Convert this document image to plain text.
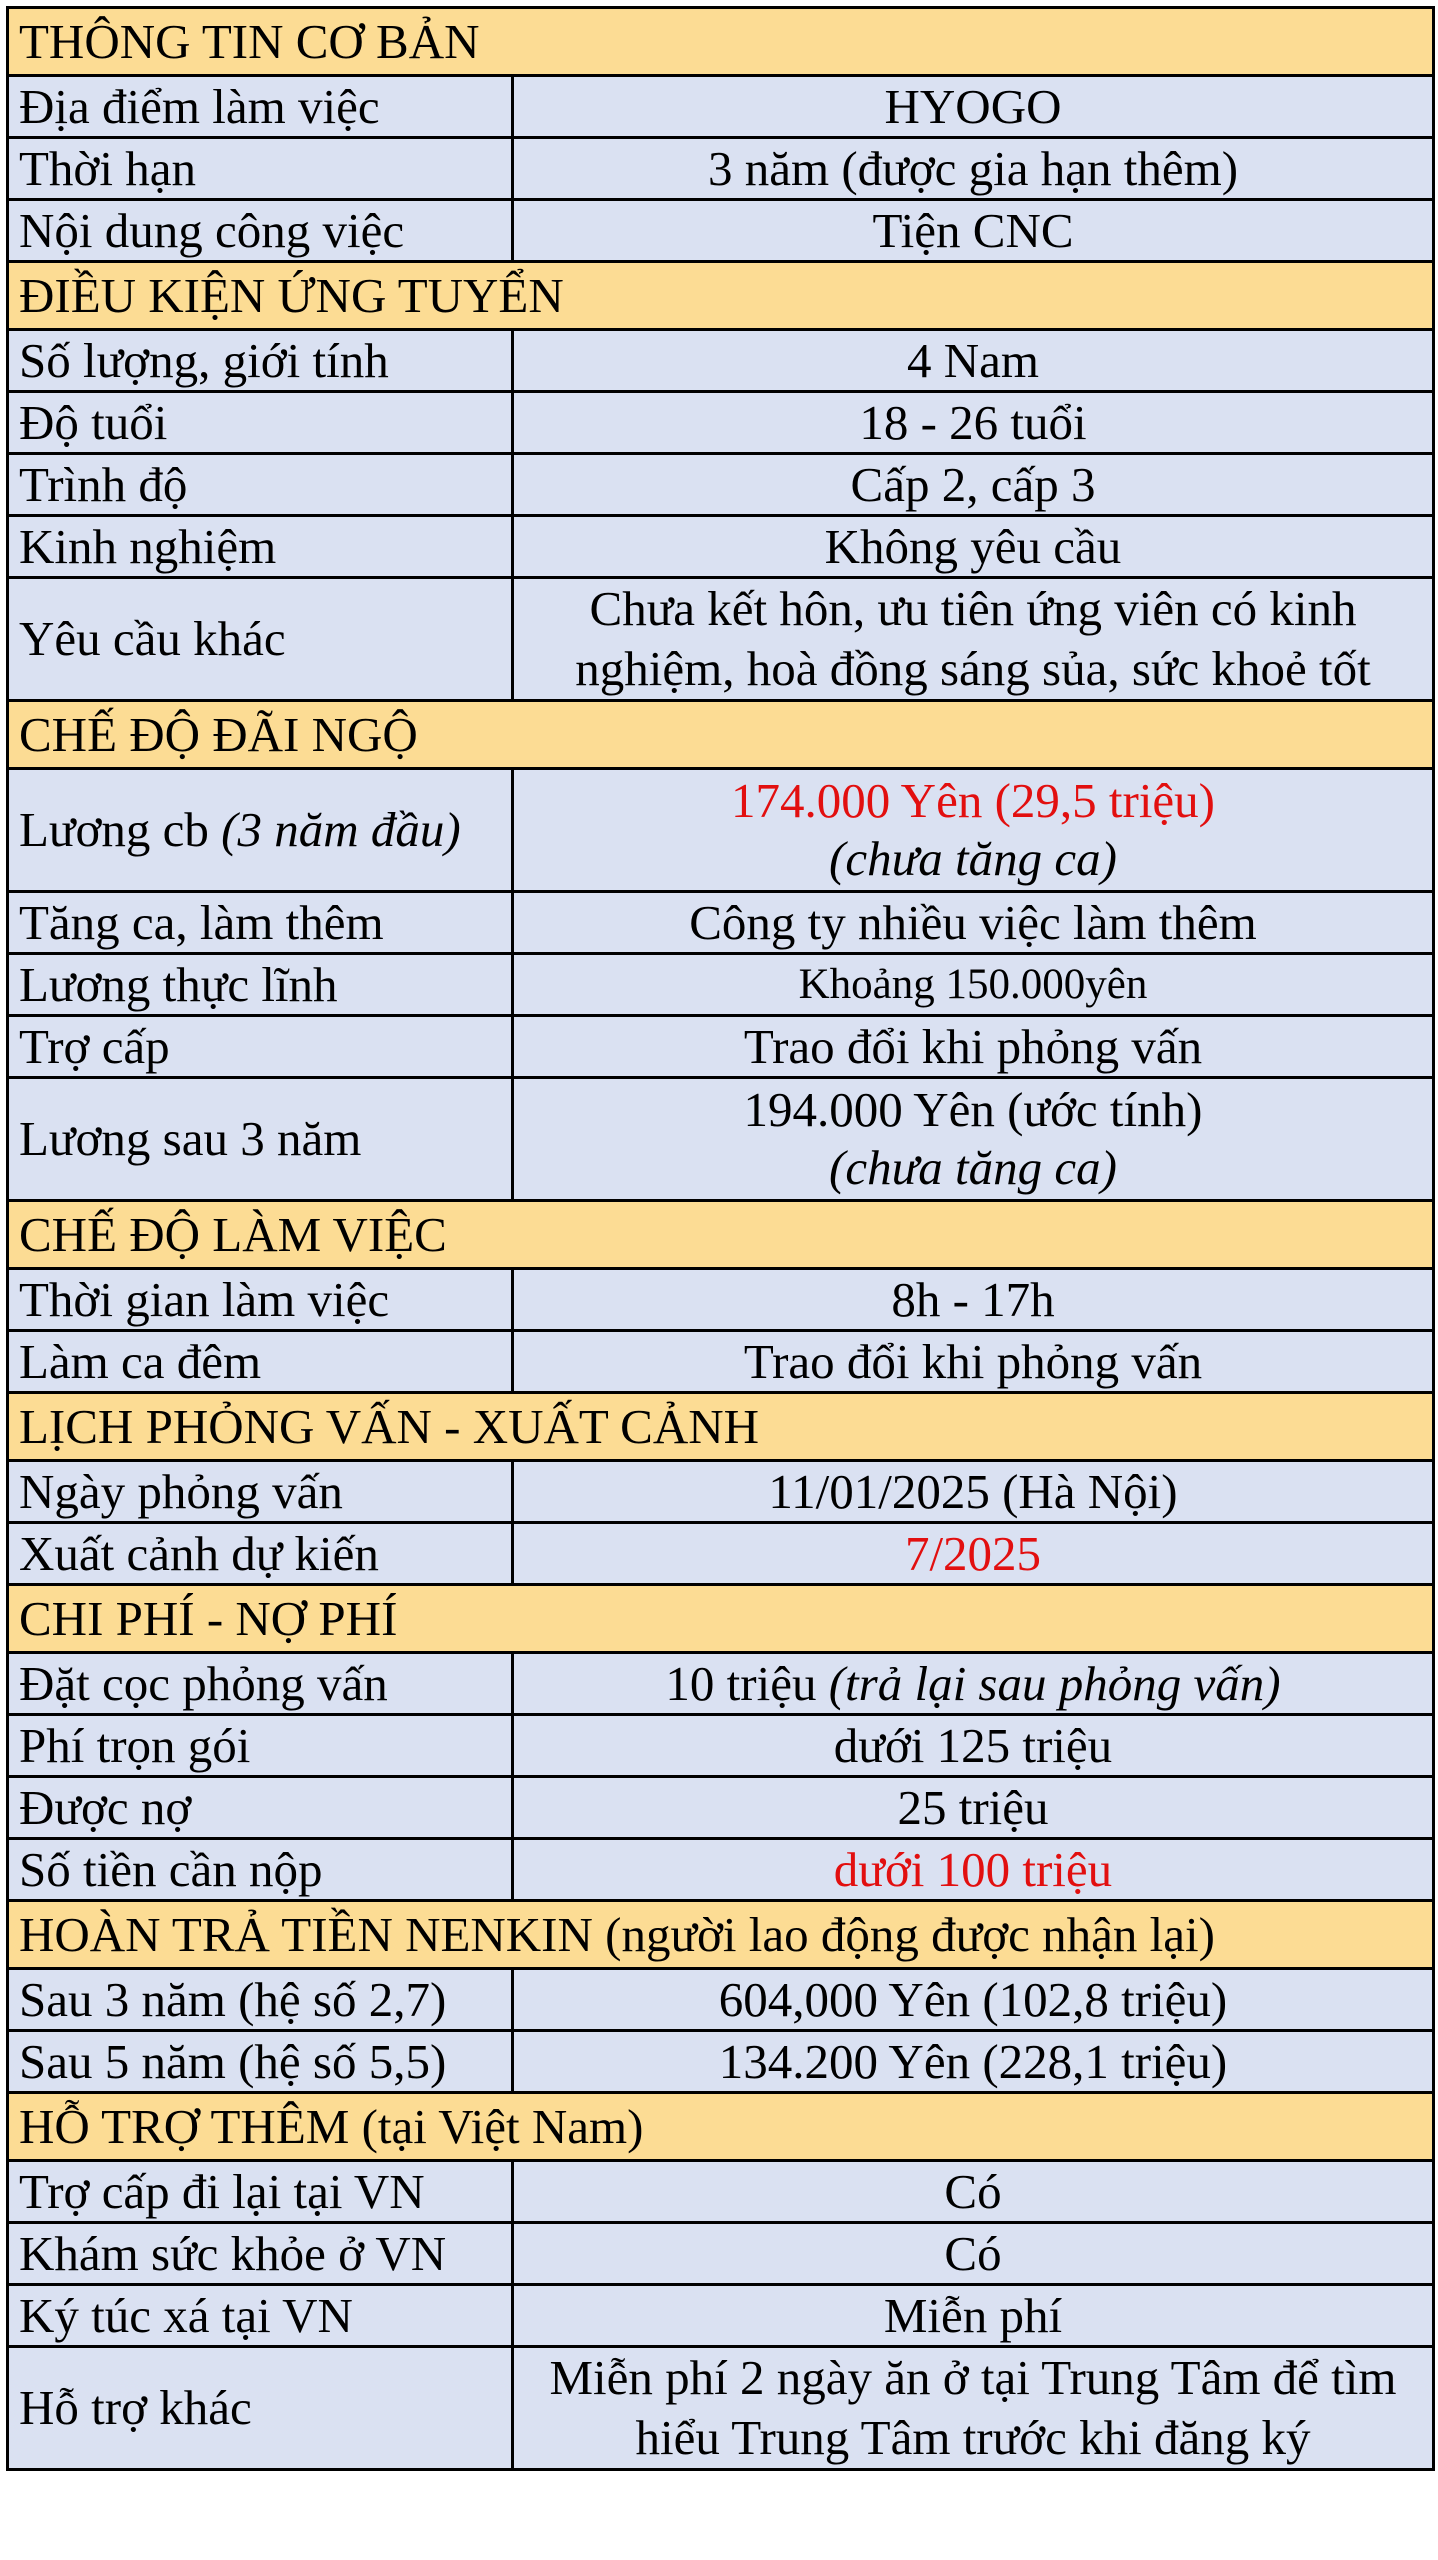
THÔNG TIN CƠ BẢN	
Địa điểm làm việc	HYOGO
Thời hạn	3 năm (được gia hạn thêm)
Nội dung công việc	Tiện CNC
ĐIỀU KIỆN ỨNG TUYỂN	
Số lượng, giới tính	4 Nam
Độ tuổi	18 - 26 tuổi
Trình độ	Cấp 2, cấp 3
Kinh nghiệm	Không yêu cầu
Yêu cầu khác	Chưa kết hôn, ưu tiên ứng viên có kinh nghiệm, hoà đồng sáng sủa, sức khoẻ tốt
CHẾ ĐỘ ĐÃI NGỘ	
Lương cb (3 năm đầu)	174.000 Yên (29,5 triệu)
(chưa tăng ca)

Tăng ca, làm thêm	Công ty nhiều việc làm thêm
Lương thực lĩnh	Khoảng 150.000yên
Trợ cấp	Trao đổi khi phỏng vấn
Lương sau 3 năm	194.000 Yên (ước tính)
(chưa tăng ca)

CHẾ ĐỘ LÀM VIỆC	
Thời gian làm việc	8h - 17h
Làm ca đêm	Trao đổi khi phỏng vấn
LỊCH PHỎNG VẤN - XUẤT CẢNH	
Ngày phỏng vấn	11/01/2025 (Hà Nội)
Xuất cảnh dự kiến	7/2025
CHI PHÍ - NỢ PHÍ	
Đặt cọc phỏng vấn	10 triệu (trả lại sau phỏng vấn)
Phí trọn gói	dưới 125 triệu
Được nợ	25 triệu
Số tiền cần nộp	dưới 100 triệu
HOÀN TRẢ TIỀN NENKIN (người lao động được nhận lại)	
Sau 3 năm (hệ số 2,7)	604,000 Yên (102,8 triệu)
Sau 5 năm (hệ số 5,5)	134.200 Yên (228,1 triệu)
HỖ TRỢ THÊM (tại Việt Nam)	
Trợ cấp đi lại tại VN	Có
Khám sức khỏe ở VN	Có
Ký túc xá tại VN	Miễn phí
Hỗ trợ khác	Miễn phí 2 ngày ăn ở tại Trung Tâm để tìm hiểu Trung Tâm trước khi đăng ký
